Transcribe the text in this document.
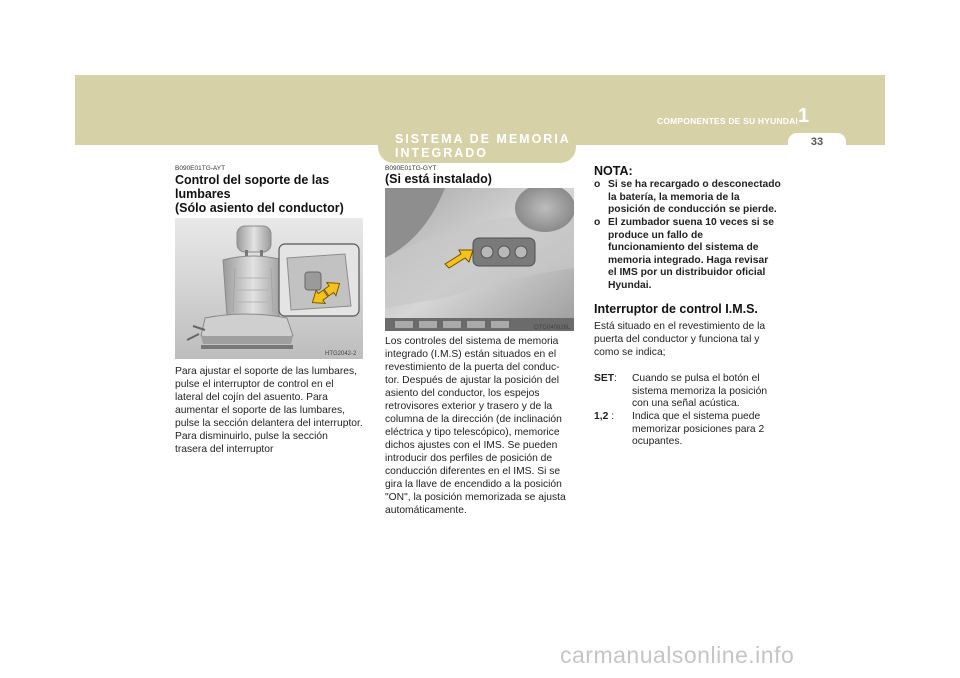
COMPONENTES DE SU HYUNDAI 1
33
SISTEMA DE MEMORIA
INTEGRADO
B090E01TG-AYT
Control del soporte de las
lumbares
(Sólo asiento del conductor)
HTG2042-2
Para ajustar el soporte de las lumbares,
pulse el interruptor de control en el
lateral del cojín del asuento. Para
aumentar el soporte de las lumbares,
pulse la sección delantera del interruptor.
Para disminuirlo, pulse la sección
trasera del interruptor
B090E01TG-GYT
(Si está instalado)
OTG040826L
Los controles del sistema de memoria
integrado (I.M.S) están situados en el
revestimiento de la puerta del conduc-
tor. Después de ajustar la posición del
asiento del conductor, los espejos
retrovisores exterior y trasero y de la
columna de la dirección (de inclinación
eléctrica y tipo telescópico), memorice
dichos ajustes con el IMS. Se pueden
introducir dos perfiles de posición de
conducción diferentes en el IMS. Si se
gira la llave de encendido a la posición
"ON", la posición memorizada se ajusta
automáticamente.
NOTA:
o Si se ha recargado o desconectado
la batería, la memoria de la
posición de conducción se pierde.
o El zumbador suena 10 veces si se
produce un fallo de
funcionamiento del sistema de
memoria integrado. Haga revisar
el IMS por un distribuidor oficial
Hyundai.
Interruptor de control I.M.S.
Está situado en el revestimiento de la
puerta del conductor y funciona tal y
como se indica;
SET: Cuando se pulsa el botón el
sistema memoriza la posición
con una señal acústica.
1,2 : Indica que el sistema puede
memorizar posiciones para 2
ocupantes.
carmanualsonline.info
